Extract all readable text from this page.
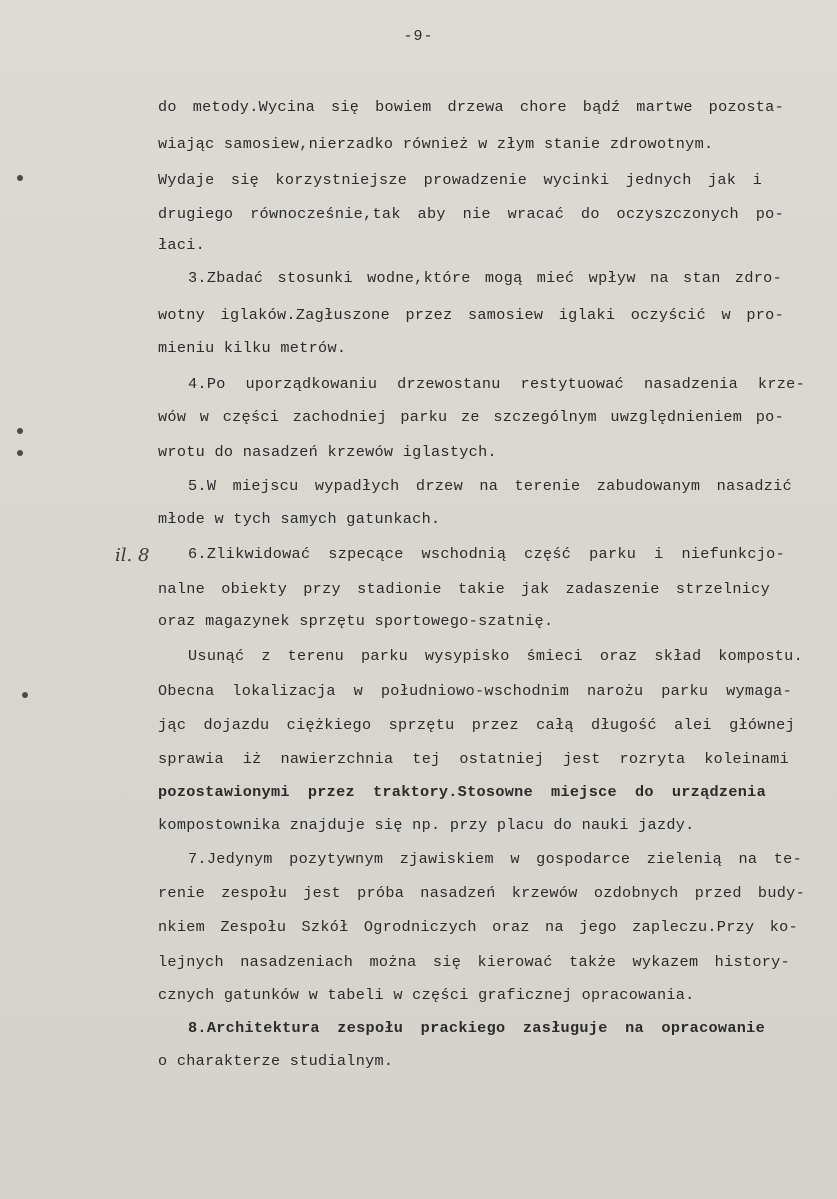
-9-
il. 8
do metody.Wycina się bowiem drzewa chore bądź martwe pozosta-
wiając samosiew,nierzadko również w złym stanie zdrowotnym.
Wydaje się korzystniejsze prowadzenie wycinki jednych jak i
drugiego równocześnie,tak aby nie wracać do oczyszczonych po-
łaci.
3.Zbadać stosunki wodne,które mogą mieć wpływ na stan zdro-
wotny iglaków.Zagłuszone przez samosiew iglaki oczyścić w pro-
mieniu kilku metrów.
4.Po uporządkowaniu drzewostanu restytuować nasadzenia krze-
wów w części zachodniej parku ze szczególnym uwzględnieniem po-
wrotu do nasadzeń krzewów iglastych.
5.W miejscu wypadłych drzew na terenie zabudowanym nasadzić
młode w tych samych gatunkach.
6.Zlikwidować szpecące wschodnią część parku i niefunkcjo-
nalne obiekty przy stadionie takie jak zadaszenie strzelnicy
oraz magazynek sprzętu sportowego-szatnię.
Usunąć z terenu parku wysypisko śmieci oraz skład kompostu.
Obecna lokalizacja w południowo-wschodnim narożu parku wymaga-
jąc dojazdu ciężkiego sprzętu przez całą długość alei głównej
sprawia iż nawierzchnia tej ostatniej jest rozryta koleinami
pozostawionymi przez traktory.Stosowne miejsce do urządzenia
kompostownika znajduje się np. przy placu do nauki jazdy.
7.Jedynym pozytywnym zjawiskiem w gospodarce zielenią na te-
renie zespołu jest próba nasadzeń krzewów ozdobnych przed budy-
nkiem Zespołu Szkół Ogrodniczych oraz na jego zapleczu.Przy ko-
lejnych nasadzeniach można się kierować także wykazem history-
cznych gatunków w tabeli w części graficznej opracowania.
8.Architektura zespołu prackiego zasługuje na opracowanie
o charakterze studialnym.
